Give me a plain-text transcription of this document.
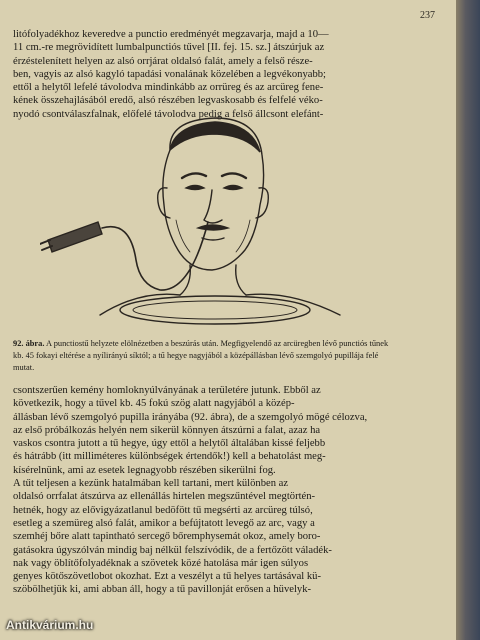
237
litófolyadékhoz keveredve a punctio eredményét megzavarja, majd a 10—
11 cm.-re megrövidített lumbalpunctiós tűvel [II. fej. 15. sz.] átszúrjuk az
érzéstelenített helyen az alsó orrjárat oldalsó falát, amely a felső része-
ben, vagyis az alsó kagyló tapadási vonalának közelében a legvékonyabb;
ettől a helytől lefelé távolodva mindinkább az orrüreg és az arcüreg fene-
kének összehajlásából eredő, alsó részében legvaskosabb és felfelé véko-
nyodó csontválaszfalnak, előfelé távolodva pedig a felső állcsont elefánt-
92. ábra. A punctiostű helyzete elölnézetben a beszúrás után. Megfigyelendő az arcüregben lévő punctiós tűnek kb. 45 fokayi eltérése a nyílirányú síktól; a tű hegye nagyjából a középállásban lévő szemgolyó pupillája felé mutat.
csontszerűen kemény homloknyúlványának a területére jutunk. Ebből az
következik, hogy a tűvel kb. 45 fokú szög alatt nagyjából a közép-
állásban lévő szemgolyó pupilla irányába (92. ábra), de a szemgolyó mögé célozva,
az első próbálkozás helyén nem sikerül könnyen átszúrni a falat, azaz ha
vaskos csontra jutott a tű hegye, úgy ettől a helytől általában kissé feljebb
és hátrább (itt milliméteres különbségek értendők!) kell a behatolást meg-
kísérelnünk, ami az esetek legnagyobb részében sikerülni fog.
A tűt teljesen a kezünk hatalmában kell tartani, mert különben az
oldalsó orrfalat átszúrva az ellenállás hirtelen megszűntével megtörtén-
hetnék, hogy az elővigyázatlanul bedöfött tű megsérti az arcüreg túlsó,
esetleg a szemüreg alsó falát, amikor a befújtatott levegő az arc, vagy a
szemhéj bőre alatt tapintható sercegő bőremphysemát okoz, amely boro-
gatásokra úgyszólván mindig baj nélkül felszívódik, de a fertőzött váladék-
nak vagy öblítőfolyadéknak a szövetek közé hatolása már igen súlyos
genyes kötőszövetlobot okozhat. Ezt a veszélyt a tű helyes tartásával kü-
szöbölhetjük ki, ami abban áll, hogy a tű pavillonját erősen a hüvelyk-
Antikvárium.hu
